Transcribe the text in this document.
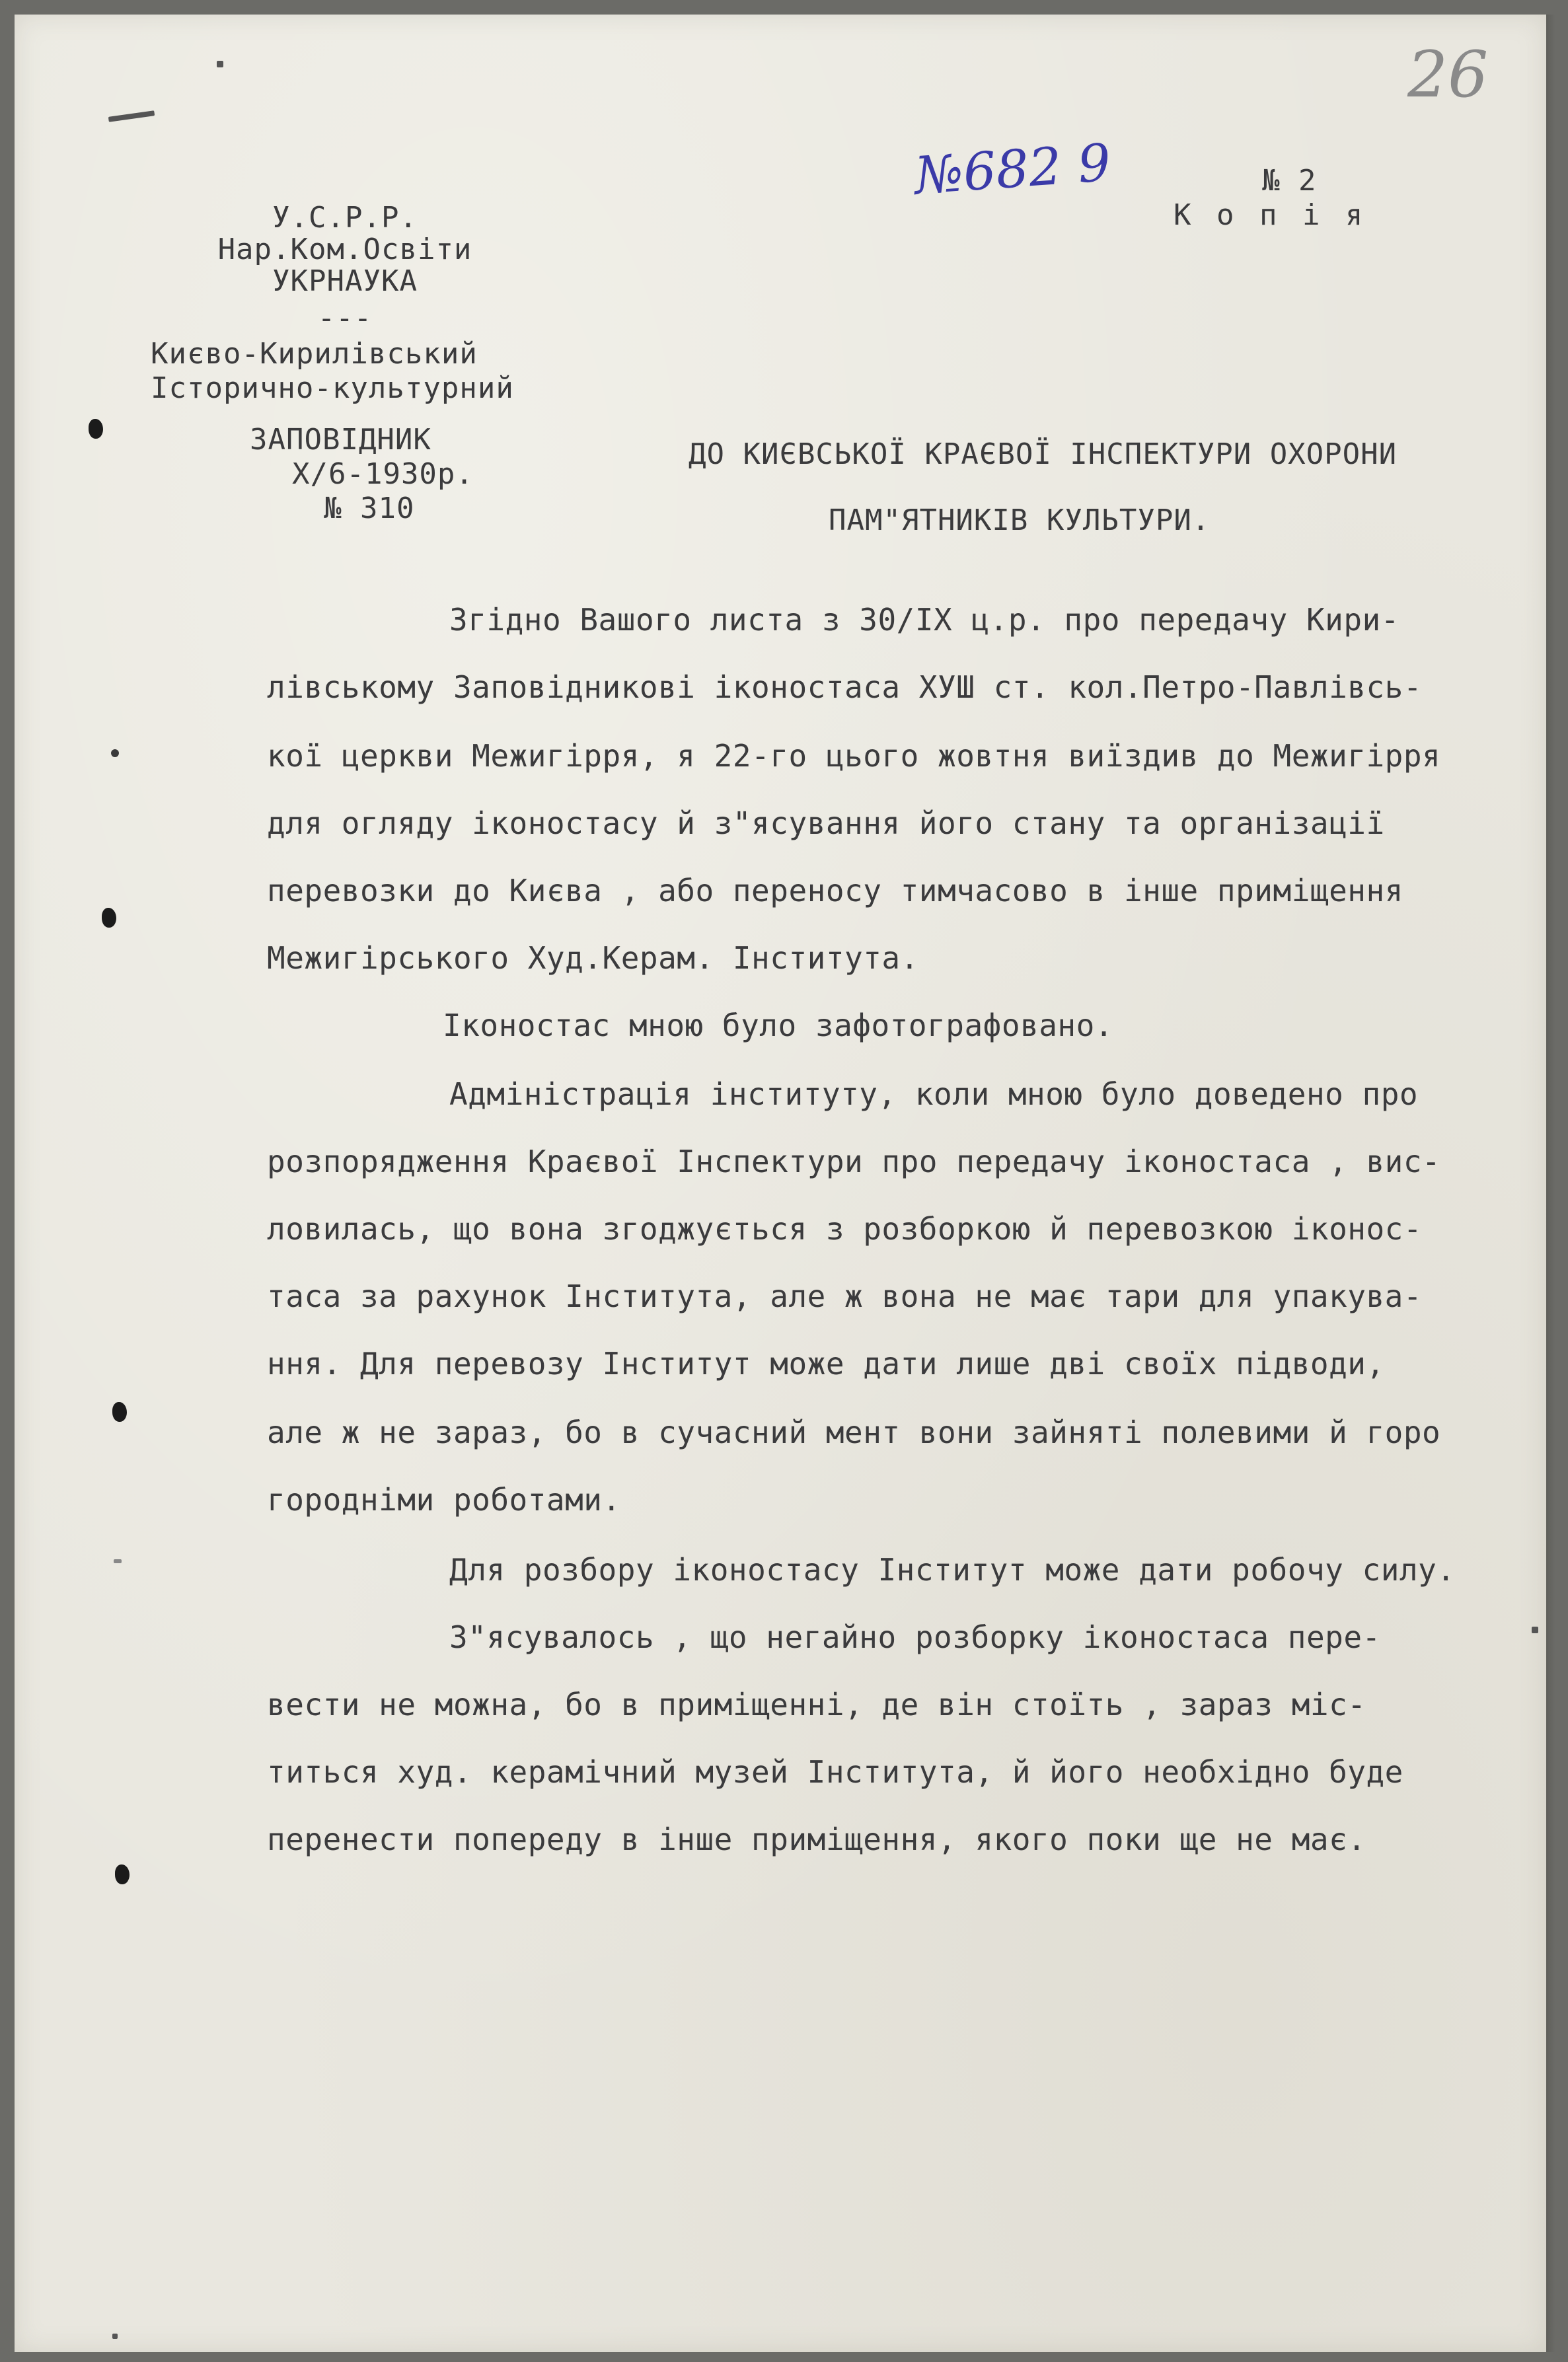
26
№682 9	№ 2
К о п і я
У.С.Р.Р.
Нар.Ком.Освіти
УКРНАУКА
---
Києво-Кирилівський
Історично-культурний
ЗАПОВІДНИК
Х/6-1930р.
№ 310
ДО КИЄВСЬКОЇ КРАЄВОЇ ІНСПЕКТУРИ ОХОРОНИ
ПАМ"ЯТНИКІВ КУЛЬТУРИ.
Згідно Вашого листа з 30/ІХ ц.р. про передачу Кири-
лівському Заповідникові іконостаса ХУШ ст. кол.Петро-Павлівсь-
кої церкви Межигірря, я 22-го цього жовтня виїздив до Межигірря
для огляду іконостасу й з"ясування його стану та організації
перевозки до Києва , або переносу тимчасово в інше приміщення
Межигірського Худ.Керам. Інститута.
Іконостас мною було зафотографовано.
Адміністрація інституту, коли мною було доведено про
розпорядження Краєвої Інспектури про передачу іконостаса , вис-
ловилась, що вона згоджується з розборкою й перевозкою іконос-
таса за рахунок Інститута, але ж вона не має тари для упакува-
ння. Для перевозу Інститут може дати лише дві своїх підводи,
але ж не зараз, бо в сучасний мент вони зайняті полевими й горо
городніми роботами.
Для розбору іконостасу Інститут може дати робочу силу.
З"ясувалось , що негайно розборку іконостаса пере-
вести не можна, бо в приміщенні, де він стоїть , зараз міс-
титься худ. керамічний музей Інститута, й його необхідно буде
перенести попереду в інше приміщення, якого поки ще не має.
